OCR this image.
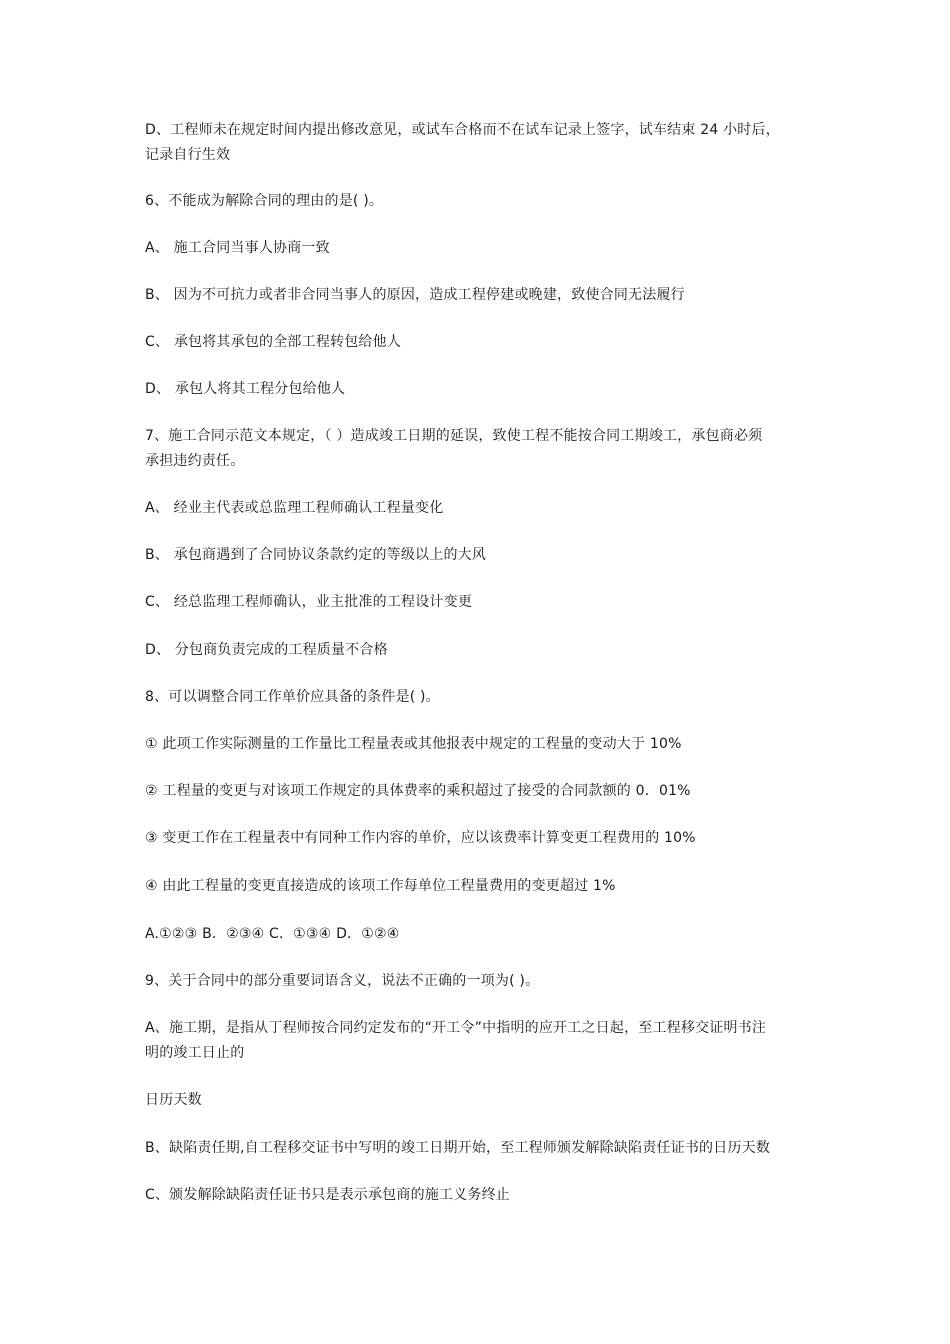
D、工程师未在规定时间内提出修改意见，或试车合格而不在试车记录上签字，试车结束 24 小时后，
记录自行生效
6、不能成为解除合同的理由的是( )。
A、 施工合同当事人协商一致
B、 因为不可抗力或者非合同当事人的原因，造成工程停建或晚建，致使合同无法履行
C、 承包将其承包的全部工程转包给他人
D、 承包人将其工程分包给他人
7、施工合同示范文本规定，（ ）造成竣工日期的延误，致使工程不能按合同工期竣工，承包商必须
承担违约责任。
A、 经业主代表或总监理工程师确认工程量变化
B、 承包商遇到了合同协议条款约定的等级以上的大风
C、 经总监理工程师确认，业主批准的工程设计变更
D、 分包商负责完成的工程质量不合格
8、可以调整合同工作单价应具备的条件是( )。
① 此项工作实际测量的工作量比工程量表或其他报表中规定的工程量的变动大于 10%
② 工程量的变更与对该项工作规定的具体费率的乘积超过了接受的合同款额的 0．01%
③ 变更工作在工程量表中有同种工作内容的单价，应以该费率计算变更工程费用的 10%
④ 由此工程量的变更直接造成的该项工作每单位工程量费用的变更超过 1%
A.①②③ B．②③④ C．①③④ D．①②④
9、关于合同中的部分重要词语含义，说法不正确的一项为( )。
A、施工期，是指从丁程师按合同约定发布的“开工令”中指明的应开工之日起，至工程移交证明书注
明的竣工日止的
日历天数
B、缺陷责任期,自工程移交证书中写明的竣工日期开始，至工程师颁发解除缺陷责任证书的日历天数
C、颁发解除缺陷责任证书只是表示承包商的施工义务终止
